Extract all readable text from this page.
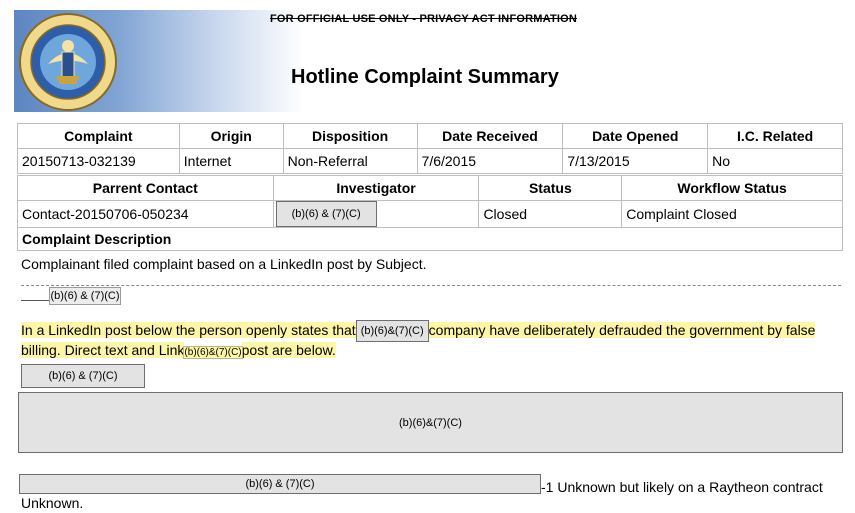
FOR OFFICIAL USE ONLY - PRIVACY ACT INFORMATION
Hotline Complaint Summary
Complaint	Origin	Disposition	Date Received	Date Opened	I.C. Related
20150713-032139	Internet	Non-Referral	7/6/2015	7/13/2015	No
Parrent Contact	Investigator	Status	Workflow Status
Contact-20150706-050234	(b)(6) & (7)(C)	Closed	Complaint Closed
Complaint Description
Complainant filed complaint based on a LinkedIn post by Subject.
(b)(6) & (7)(C)
In a LinkedIn post below the person openly states that (b)(6)&(7)(C) company have deliberately defrauded the government by false
billing. Direct text and Link(b)(6)&(7)(C)post are below.
(b)(6) & (7)(C)
(b)(6)&(7)(C)
(b)(6) & (7)(C)	-1 Unknown but likely on a Raytheon contract
Unknown.
